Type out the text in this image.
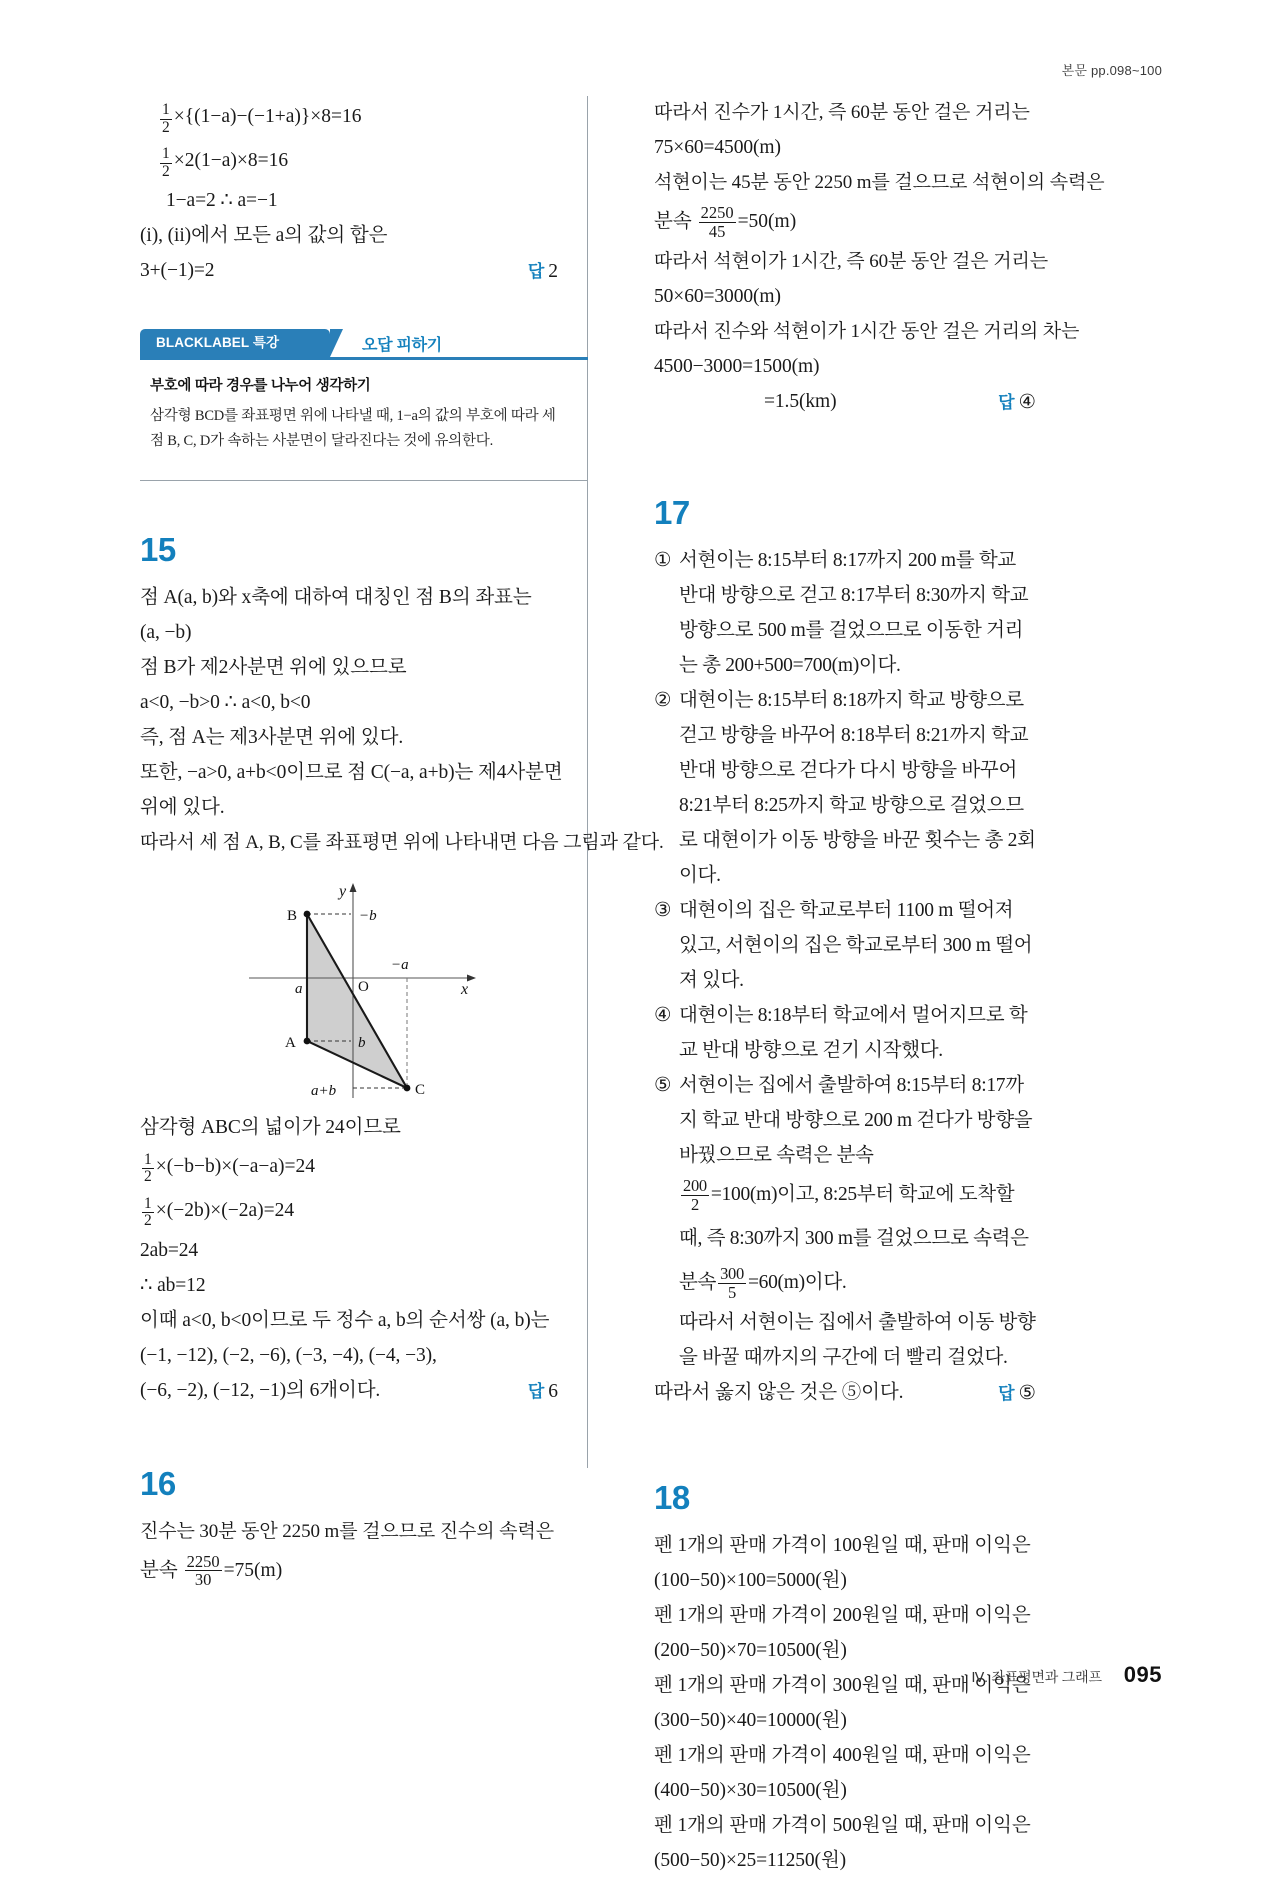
본문 pp.098~100
$\frac{1}{2} \times\{(1-a)-(-1+a)\}\times 8=16$
$\frac{1}{2} \times 2(1-a)\times 8=16$
1−a=2 ∴ a=−1
(i), (ii)에서 모든 a의 값의 합은
3+(−1)=2	답 2
BLACKLABEL 특강	오답 피하기
부호에 따라 경우를 나누어 생각하기
삼각형 BCD를 좌표평면 위에 나타낼 때, 1−a의 값의 부호에 따라 세 점 B, C, D가 속하는 사분면이 달라진다는 것에 유의한다.
15
점 A(a, b)와 x축에 대하여 대칭인 점 B의 좌표는
(a, −b)
점 B가 제2사분면 위에 있으므로
a<0, −b>0 ∴ a<0, b<0
즉, 점 A는 제3사분면 위에 있다.
또한, −a>0, a+b<0이므로 점 C(−a, a+b)는 제4사분면
위에 있다.
따라서 세 점 A, B, C를 좌표평면 위에 나타내면 다음 그림과 같다.
B
A
C
O
−b
−a
a
b
a+b
x
y
삼각형 ABC의 넓이가 24이므로
$\frac{1}{2} \times(-b-b)\times(-a-a)=24$
$\frac{1}{2} \times(-2b)\times(-2a)=24$
2ab=24
∴ ab=12
이때 a<0, b<0이므로 두 정수 a, b의 순서쌍 (a, b)는
(−1, −12), (−2, −6), (−3, −4), (−4, −3),
(−6, −2), (−12, −1)의 6개이다.	답 6
16
진수는 30분 동안 2250 m를 걸으므로 진수의 속력은
분속 $\frac{2250}{30} =75(m)$
따라서 진수가 1시간, 즉 60분 동안 걸은 거리는
75×60=4500(m)
석현이는 45분 동안 2250 m를 걸으므로 석현이의 속력은
분속 $\frac{2250}{45} =50(m)$
따라서 석현이가 1시간, 즉 60분 동안 걸은 거리는
50×60=3000(m)
따라서 진수와 석현이가 1시간 동안 걸은 거리의 차는
4500−3000=1500(m)
=1.5(km)	답 ④
17
① 서현이는 8:15부터 8:17까지 200 m를 학교 반대 방향으로 걷고 8:17부터 8:30까지 학교 방향으로 500 m를 걸었으므로 이동한 거리는 총 200+500=700(m)이다.
② 대현이는 8:15부터 8:18까지 학교 방향으로 걷고 방향을 바꾸어 8:18부터 8:21까지 학교 반대 방향으로 걷다가 다시 방향을 바꾸어 8:21부터 8:25까지 학교 방향으로 걸었으므로 대현이가 이동 방향을 바꾼 횟수는 총 2회이다.
③ 대현이의 집은 학교로부터 1100 m 떨어져 있고, 서현이의 집은 학교로부터 300 m 떨어져 있다.
④ 대현이는 8:18부터 학교에서 멀어지므로 학교 반대 방향으로 걷기 시작했다.
⑤ 서현이는 집에서 출발하여 8:15부터 8:17까지 학교 반대 방향으로 200 m 걷다가 방향을 바꿨으므로 속력은 분속
$\frac{200}{2} =100(m)$이고, 8:25부터 학교에 도착할 때, 즉 8:30까지 300 m를 걸었으므로 속력은 분속 $\frac{300}{5} =60(m)$이다.
따라서 서현이는 집에서 출발하여 이동 방향을 바꿀 때까지의 구간에 더 빨리 걸었다.
따라서 옳지 않은 것은 ⑤이다.	답 ⑤
18
펜 1개의 판매 가격이 100원일 때, 판매 이익은
(100−50)×100=5000(원)
펜 1개의 판매 가격이 200원일 때, 판매 이익은
(200−50)×70=10500(원)
펜 1개의 판매 가격이 300원일 때, 판매 이익은
(300−50)×40=10000(원)
펜 1개의 판매 가격이 400원일 때, 판매 이익은
(400−50)×30=10500(원)
펜 1개의 판매 가격이 500원일 때, 판매 이익은
(500−50)×25=11250(원)
Ⅳ. 좌표평면과 그래프 095
